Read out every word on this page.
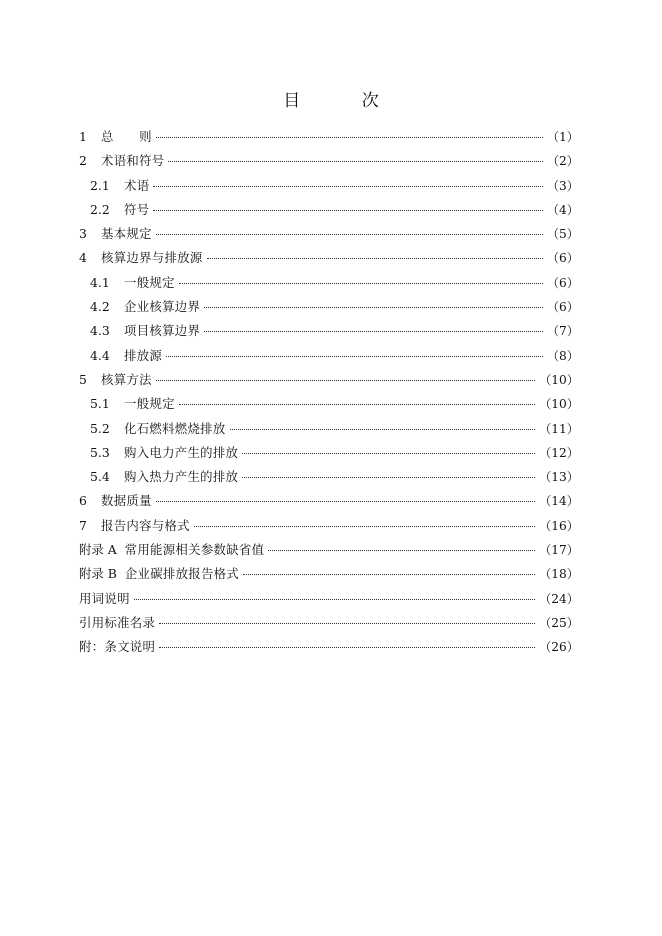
目 次
1	总　　则	（1）
2	术语和符号	（2）
2.1	术语	（3）
2.2	符号	（4）
3	基本规定	（5）
4	核算边界与排放源	（6）
4.1	一般规定	（6）
4.2	企业核算边界	（6）
4.3	项目核算边界	（7）
4.4	排放源	（8）
5	核算方法	（10）
5.1	一般规定	（10）
5.2	化石燃料燃烧排放	（11）
5.3	购入电力产生的排放	（12）
5.4	购入热力产生的排放	（13）
6	数据质量	（14）
7	报告内容与格式	（16）
附录 A 常用能源相关参数缺省值	（17）
附录 B 企业碳排放报告格式	（18）
用词说明	（24）
引用标准名录	（25）
附：条文说明	（26）
